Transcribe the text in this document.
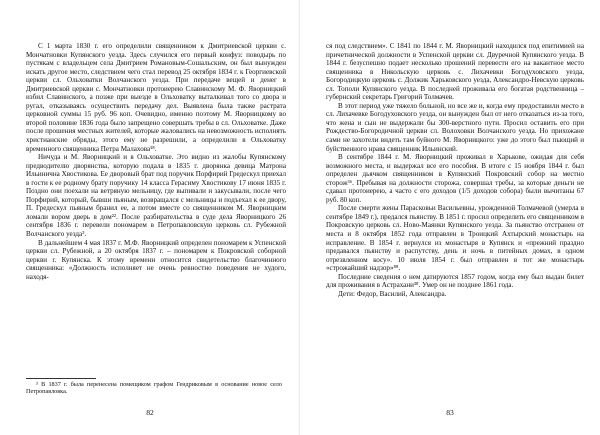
С 1 марта 1830 г. его определили священником к Дмитриевской церкви с. Мончатновки Купянского уезда. Здесь случился его первый конфуз: поводырь по пустякам с владельцем села Дмитрием Романовым-Сошальским, он был вынужден искать другое место, следствием чего стал перевод 25 октября 1834 г. к Георгиевской церкви сл. Ольховатки Волчанского уезда. При передаче вещей и денег в Дмитриевской церкви с. Мончатновки протоиерею Славинскому М. Ф. Яворницкий избил Славинского, а позже при выезде в Ольховатку выталкивал того со двора и ругал, отказываясь осуществить передачу дел. Выявлена была также растрата церковной суммы 15 руб. 96 коп. Очевидно, именно поэтому М. Яворницкому во второй половине 1836 года было запрещено совершать требы в сл. Ольховатке. Даже после прошения местных жителей, которые жаловались на невозможность исполнять христианские обряды, этого ему не разрешили, а определили в Ольховатку временного священника Петра Малахова¹⁸.

Ничуда и М. Яворницкий и в Ольховатке. Это видно из жалобы Купянскому предводителю дворянства, которую подала в 1835 г. дворянка девица Матрона Ильинична Хвостикова. Ее дворовый брат под поручик Порфирий Гредескул приехал в гости к ее родному брату поручику 14 класса Герасиму Хвостикову 17 июня 1835 г. Поздно они поехали на ветряную мельницу, где выпивали и закусывали, после чего Порфирий, который, бывши пьяным, возвращался с мельницы и подъехал к ее двору, П. Гредескул пьяным бранил ее, а потом вместе со священником М. Яворницким ломали вором дверь в дом²². После разбирательства в суде дела Яворницкого 26 сентября 1836 г. перевели пономарем в Петропавловскую церковь сл. Рубежной Волчанского уезда³.

В дальнейшем 4 мая 1837 г. М.Ф. Яворницкий определен пономарем к Успенской церкви сл. Рубежной, а 20 октября 1837 г. – пономарем к Покровской соборной церкви г. Купянска. К этому времени относится свидетельство благочинного священника: «Должность исполняет не очень ревностно поведения не худого, находя-

³ В 1837 г. была перенесена помещиком графом Гендриковым в основание новое село Петропавловка.

82

ся под следствием». С 1841 по 1844 г. М. Яворницкий находился под епитимией на причетнической должности в Успенской церкви сл. Двуречной Купянского уезда. В 1844 г. безуспешно подает несколько прошений перевести его на вакантное место священника в Никольскую церковь с. Лихачевки Богодуховского уезда, Богородицкую церковь с. Должик Харьковского уезда, Александро-Невскую церковь сл. Тополи Купянского уезда. В последней проживала его богатая родственница – губернский секретарь Григорий Толмачев.

В этот период уже тяжело больной, но все же и, когда ему предоставили место в сл. Лихачевке Богодуховского уезда, он вынужден был от него отказаться из-за того, что жена и сын не выдержали бы 300-верстного пути. Просил оставить его при Рождество-Богородичной церкви сл. Волоховки Волчанского уезда. Но прихожане сами не захотели видеть там буйного М. Яворницкого: уже до этого был пьющий и буйственного нрава священник Ильинский.

В сентябре 1844 г. М. Яворницкий проживал в Харькове, ожидая для себя возможного места, и выдержал все его пособия. В итоге с 15 ноября 1844 г. был определен дьячком священником в Купянский Покровский собор на местно сторож³⁶. Пребывая на должности сторожа, совершал требы, за которые деньги не сдавал протоиерею, а часто с его доходов (1/5 доходов собора) были вычитаны 67 руб. 80 коп.

После смерти жены Парасковьи Васильевны, урожденной Толмачевой (умерла в сентябре 1849 г.), предался пьянству. В 1851 г. просил определить его священником в Покровскую церковь сл. Ново-Маянки Купянского уезда. За пьянство отстранен от места и 8 октября 1852 года отправлен в Троицкий Ахтырский монастырь на исправление. В 1854 г. вернулся из монастыря в Купянск и «прежний праздно предавался пьянству и распутству, день и ночь в питейных домах, в одном отрезвленном косу». 10 июля 1854 г. был отправлен в тот же монастырь «строжайший надзор»⁸⁸.

Последние сведения о нем датируются 1857 годом, когда ему был выдан билет для проживания в Астрахани³⁸. Умер он не позднее 1861 года.

Дети: Федор, Василий, Александра.

83
